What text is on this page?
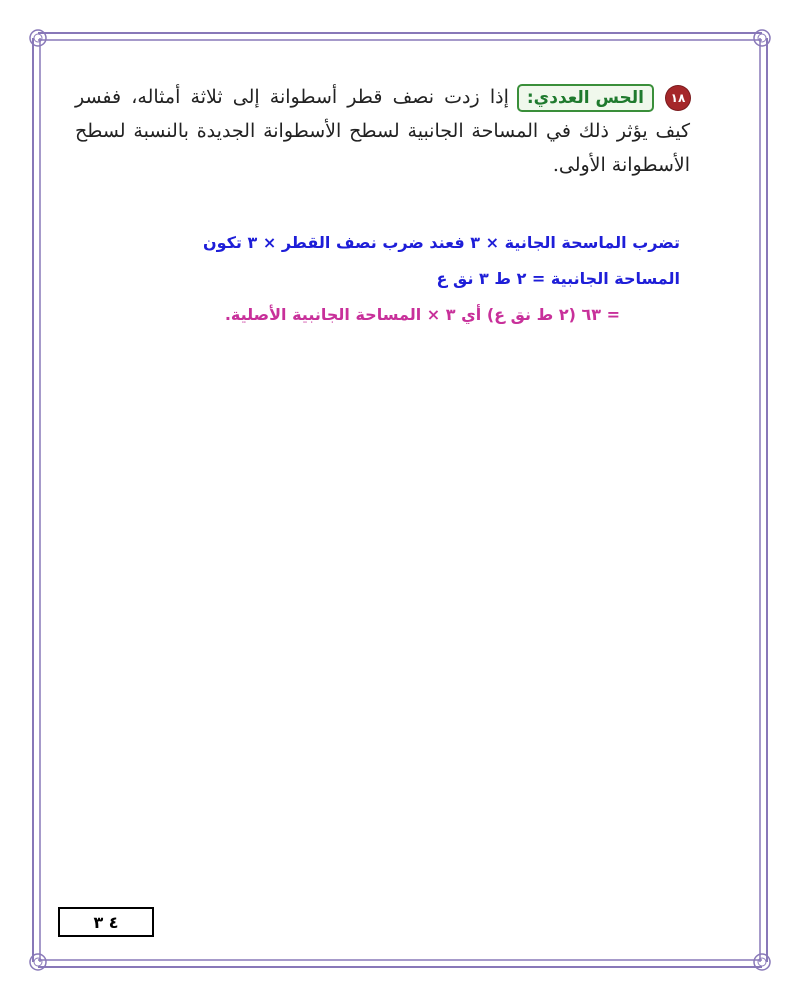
١٨الحس العددي:إذا زدت نصف قطر أسطوانة إلى ثلاثة أمثاله، ففسر كيف يؤثر ذلك في المساحة الجانبية لسطح الأسطوانة الجديدة بالنسبة لسطح الأسطوانة الأولى.
تضرب الماسحة الجانية × ٣ فعند ضرب نصف القطر × ٣ تكون
المساحة الجانبية = ٢ ط ٣ نق ع
= ٦٣ (٢ ط نق ع) أي ٣ × المساحة الجانبية الأصلية.
٤ ٣
